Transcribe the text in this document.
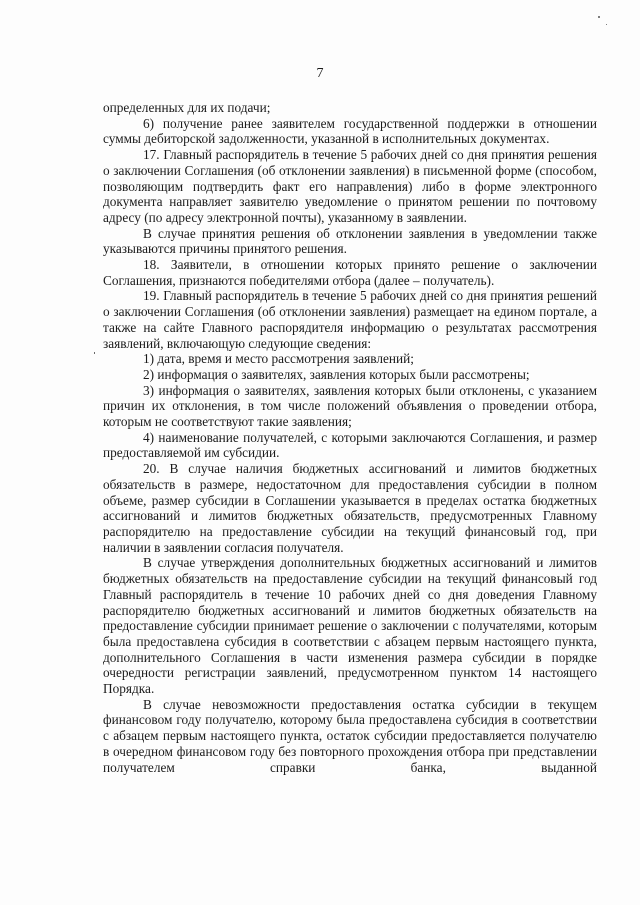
7

определенных для их подачи;

6) получение ранее заявителем государственной поддержки в отношении суммы дебиторской задолженности, указанной в исполнительных документах.

17. Главный распорядитель в течение 5 рабочих дней со дня принятия решения о заключении Соглашения (об отклонении заявления) в письменной форме (способом, позволяющим подтвердить факт его направления) либо в форме электронного документа направляет заявителю уведомление о принятом решении по почтовому адресу (по адресу электронной почты), указанному в заявлении.

В случае принятия решения об отклонении заявления в уведомлении также указываются причины принятого решения.

18. Заявители, в отношении которых принято решение о заключении Соглашения, признаются победителями отбора (далее – получатель).

19. Главный распорядитель в течение 5 рабочих дней со дня принятия решений о заключении Соглашения (об отклонении заявления) размещает на едином портале, а также на сайте Главного распорядителя информацию о результатах рассмотрения заявлений, включающую следующие сведения:

1) дата, время и место рассмотрения заявлений;

2) информация о заявителях, заявления которых были рассмотрены;

3) информация о заявителях, заявления которых были отклонены, с указанием причин их отклонения, в том числе положений объявления о проведении отбора, которым не соответствуют такие заявления;

4) наименование получателей, с которыми заключаются Соглашения, и размер предоставляемой им субсидии.

20. В случае наличия бюджетных ассигнований и лимитов бюджетных обязательств в размере, недостаточном для предоставления субсидии в полном объеме, размер субсидии в Соглашении указывается в пределах остатка бюджетных ассигнований и лимитов бюджетных обязательств, предусмотренных Главному распорядителю на предоставление субсидии на текущий финансовый год, при наличии в заявлении согласия получателя.

В случае утверждения дополнительных бюджетных ассигнований и лимитов бюджетных обязательств на предоставление субсидии на текущий финансовый год Главный распорядитель в течение 10 рабочих дней со дня доведения Главному распорядителю бюджетных ассигнований и лимитов бюджетных обязательств на предоставление субсидии принимает решение о заключении с получателями, которым была предоставлена субсидия в соответствии с абзацем первым настоящего пункта, дополнительного Соглашения в части изменения размера субсидии в порядке очередности регистрации заявлений, предусмотренном пунктом 14 настоящего Порядка.

В случае невозможности предоставления остатка субсидии в текущем финансовом году получателю, которому была предоставлена субсидия в соответствии с абзацем первым настоящего пункта, остаток субсидии предоставляется получателю в очередном финансовом году без повторного прохождения отбора при представлении получателем справки банка, выданной
